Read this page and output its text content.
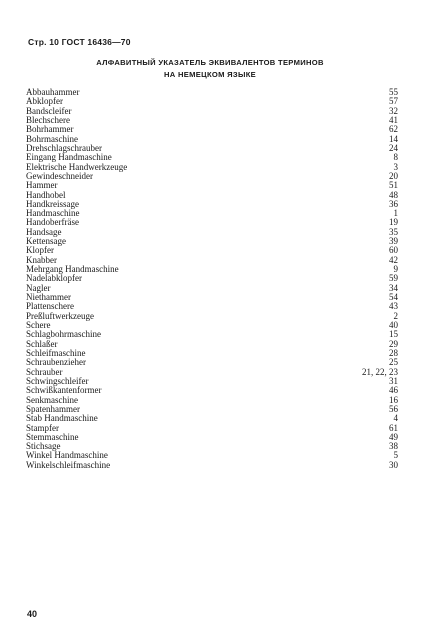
Стр. 10 ГОСТ 16436—70
АЛФАВИТНЫЙ УКАЗАТЕЛЬ ЭКВИВАЛЕНТОВ ТЕРМИНОВ
НА НЕМЕЦКОМ ЯЗЫКЕ
Abbauhammer	55
Abklopfer	57
Bandscleifer	32
Blechschere	41
Bohrhammer	62
Bohrmaschine	14
Drehschlagschrauber	24
Eingang Handmaschine	8
Elektrische Handwerkzeuge	3
Gewindeschneider	20
Hammer	51
Handhobel	48
Handkreissage	36
Handmaschine	1
Handoberfräse	19
Handsage	35
Kettensage	39
Klopfer	60
Knabber	42
Mehrgang Handmaschine	9
Nadelabklopfer	59
Nagler	34
Niethammer	54
Plattenschere	43
Preßluftwerkzeuge	2
Schere	40
Schlagbohrmaschine	15
Schlaßer	29
Schleifmaschine	28
Schraubenzieher	25
Schrauber	21, 22, 23
Schwingschleifer	31
Schwißkantenformer	46
Senkmaschine	16
Spatenhammer	56
Stab Handmaschine	4
Stampfer	61
Stemmaschine	49
Stichsage	38
Winkel Handmaschine	5
Winkelschleifmaschine	30
40
